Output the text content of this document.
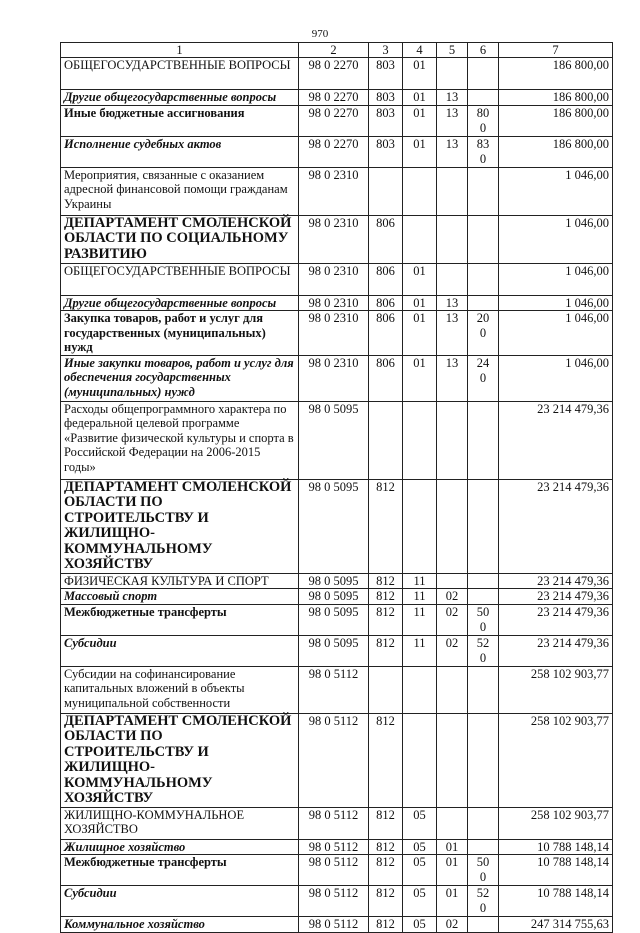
970
1	2	3	4	5	6	7
ОБЩЕГОСУДАРСТВЕННЫЕ ВОПРОСЫ	98 0 2270	803	01			186 800,00
Другие общегосударственные вопросы	98 0 2270	803	01	13		186 800,00
Иные бюджетные ассигнования	98 0 2270	803	01	13	800	186 800,00
Исполнение судебных актов	98 0 2270	803	01	13	830	186 800,00
Мероприятия, связанные с оказанием адресной финансовой помощи гражданам Украины	98 0 2310					1 046,00
ДЕПАРТАМЕНТ СМОЛЕНСКОЙ ОБЛАСТИ ПО СОЦИАЛЬНОМУ РАЗВИТИЮ	98 0 2310	806				1 046,00
ОБЩЕГОСУДАРСТВЕННЫЕ ВОПРОСЫ	98 0 2310	806	01			1 046,00
Другие общегосударственные вопросы	98 0 2310	806	01	13		1 046,00
Закупка товаров, работ и услуг для государственных (муниципальных) нужд	98 0 2310	806	01	13	200	1 046,00
Иные закупки товаров, работ и услуг для обеспечения государственных (муниципальных) нужд	98 0 2310	806	01	13	240	1 046,00
Расходы общепрограммного характера по федеральной целевой программе «Развитие физической культуры и спорта в Российской Федерации на 2006-2015 годы»	98 0 5095					23 214 479,36
ДЕПАРТАМЕНТ СМОЛЕНСКОЙ ОБЛАСТИ ПО СТРОИТЕЛЬСТВУ И ЖИЛИЩНО-КОММУНАЛЬНОМУ ХОЗЯЙСТВУ	98 0 5095	812				23 214 479,36
ФИЗИЧЕСКАЯ КУЛЬТУРА И СПОРТ	98 0 5095	812	11			23 214 479,36
Массовый спорт	98 0 5095	812	11	02		23 214 479,36
Межбюджетные трансферты	98 0 5095	812	11	02	500	23 214 479,36
Субсидии	98 0 5095	812	11	02	520	23 214 479,36
Субсидии на софинансирование капитальных вложений в объекты муниципальной собственности	98 0 5112					258 102 903,77
ДЕПАРТАМЕНТ СМОЛЕНСКОЙ ОБЛАСТИ ПО СТРОИТЕЛЬСТВУ И ЖИЛИЩНО-КОММУНАЛЬНОМУ ХОЗЯЙСТВУ	98 0 5112	812				258 102 903,77
ЖИЛИЩНО-КОММУНАЛЬНОЕ ХОЗЯЙСТВО	98 0 5112	812	05			258 102 903,77
Жилищное хозяйство	98 0 5112	812	05	01		10 788 148,14
Межбюджетные трансферты	98 0 5112	812	05	01	500	10 788 148,14
Субсидии	98 0 5112	812	05	01	520	10 788 148,14
Коммунальное хозяйство	98 0 5112	812	05	02		247 314 755,63
